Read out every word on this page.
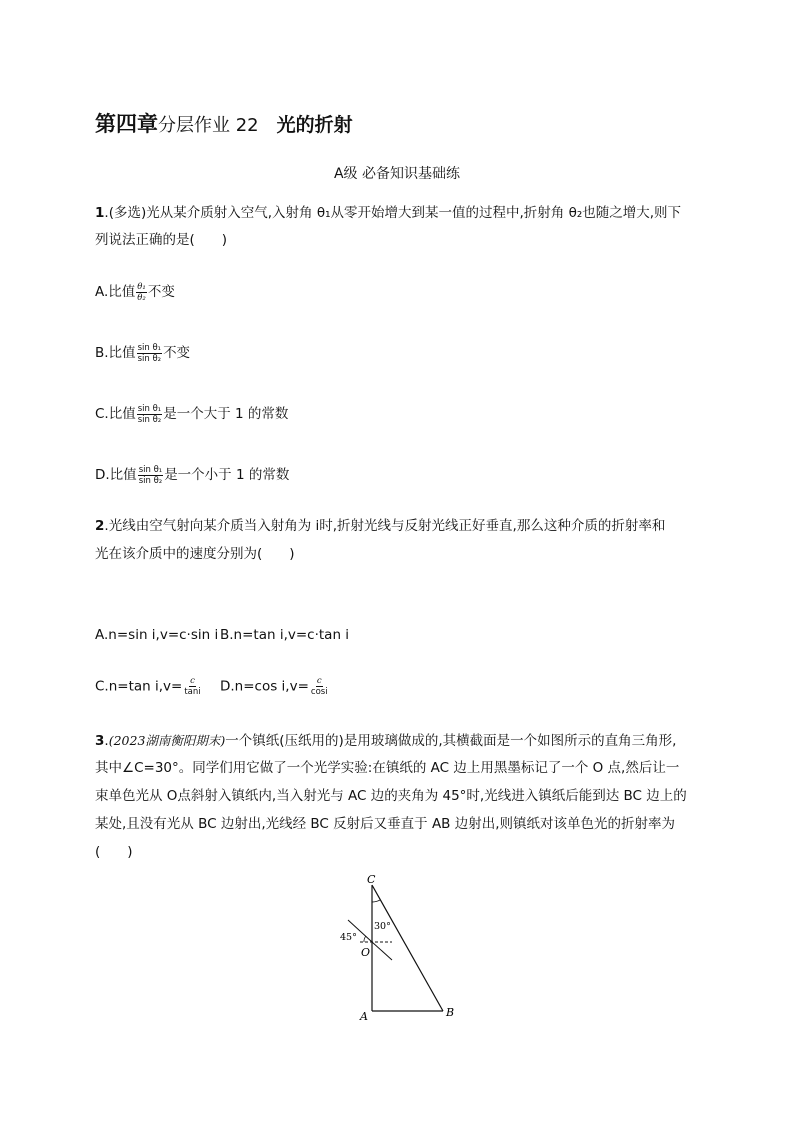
第四章分层作业 22 光的折射
A级 必备知识基础练
1.(多选)光从某介质射入空气,入射角 θ₁从零开始增大到某一值的过程中,折射角 θ₂也随之增大,则下
列说法正确的是(　　)
A.比值 $\frac{\text{θ₁}}{\text{θ₂}}$ 不变
B.比值 $\frac{\text{sin θ₁}}{\text{sin θ₂}}$ 不变
C.比值 $\frac{\text{sin θ₁}}{\text{sin θ₂}}$ 是一个大于 1 的常数
D.比值 $\frac{\text{sin θ₁}}{\text{sin θ₂}}$ 是一个小于 1 的常数
2.光线由空气射向某介质当入射角为 i时,折射光线与反射光线正好垂直,那么这种介质的折射率和
光在该介质中的速度分别为(　　)
A.n=sin i,v=c·sin i B.n=tan i,v=c·tan i
C.n=tan $i,v= \frac{c}{\tan i} D.n=\cos$ $i,v= \frac{c}{\cos i}$
3.(2023湖南衡阳期末)一个镇纸(压纸用的)是用玻璃做成的,其横截面是一个如图所示的直角三角形,
其中∠C=30°。同学们用它做了一个光学实验:在镇纸的 AC 边上用黑墨标记了一个 O 点,然后让一
束单色光从 O点斜射入镇纸内,当入射光与 AC 边的夹角为 45°时,光线进入镇纸后能到达 BC 边上的
某处,且没有光从 BC 边射出,光线经 BC 反射后又垂直于 AB 边射出,则镇纸对该单色光的折射率为
(　　)
C
A	B
O
30°
45°
